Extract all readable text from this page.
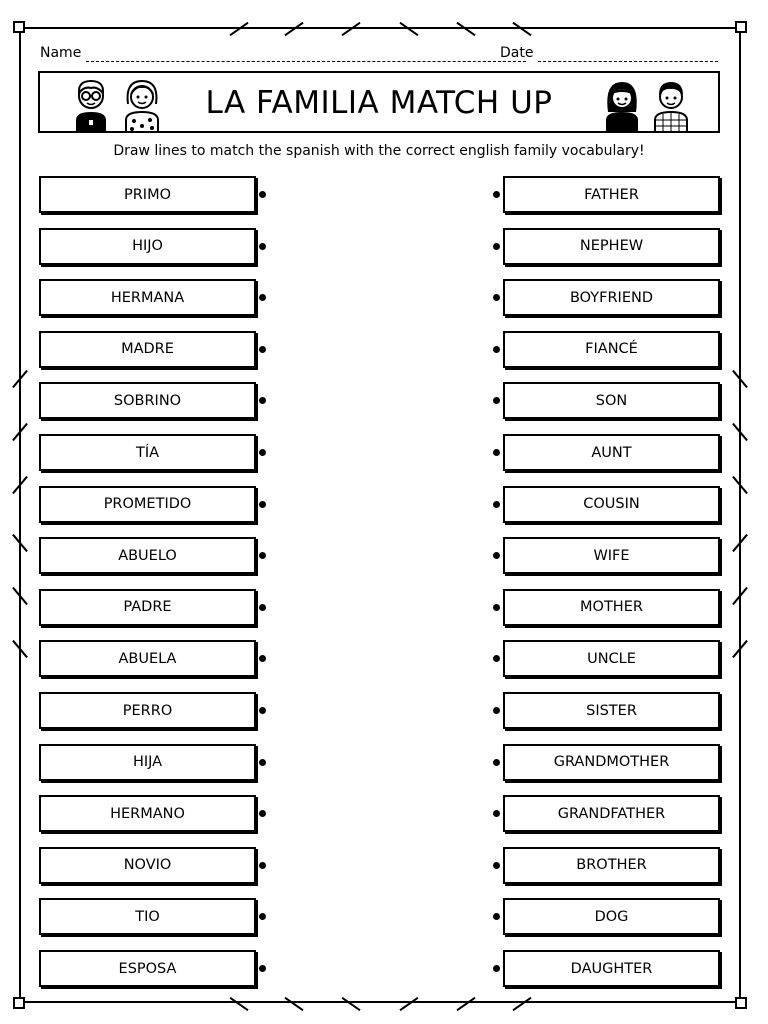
Name	Date
LA FAMILIA MATCH UP
Draw lines to match the spanish with the correct english family vocabulary!
PRIMO
HIJO
HERMANA
MADRE
SOBRINO
TÍA
PROMETIDO
ABUELO
PADRE
ABUELA
PERRO
HIJA
HERMANO
NOVIO
TIO
ESPOSA
FATHER
NEPHEW
BOYFRIEND
FIANCÉ
SON
AUNT
COUSIN
WIFE
MOTHER
UNCLE
SISTER
GRANDMOTHER
GRANDFATHER
BROTHER
DOG
DAUGHTER
